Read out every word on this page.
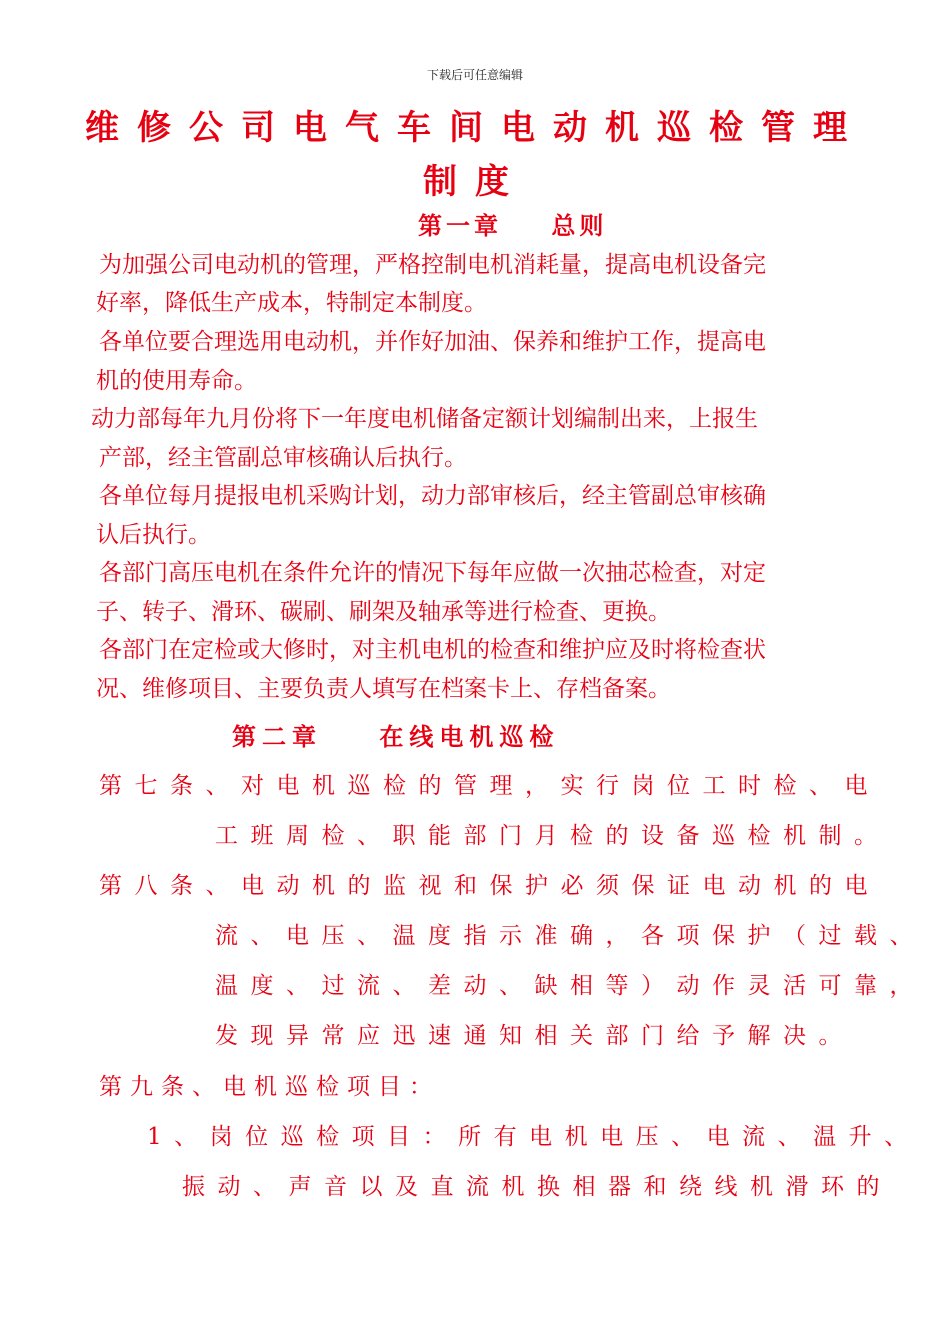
下载后可任意编辑
维修公司电气车间电动机巡检管理
制度
第一章    总则
为加强公司电动机的管理，严格控制电机消耗量，提高电机设备完
好率，降低生产成本，特制定本制度。
各单位要合理选用电动机，并作好加油、保养和维护工作，提高电
机的使用寿命。
动力部每年九月份将下一年度电机储备定额计划编制出来，上报生
产部，经主管副总审核确认后执行。
各单位每月提报电机采购计划，动力部审核后，经主管副总审核确
认后执行。
各部门高压电机在条件允许的情况下每年应做一次抽芯检查，对定
子、转子、滑环、碳刷、刷架及轴承等进行检查、更换。
各部门在定检或大修时，对主机电机的检查和维护应及时将检查状
况、维修项目、主要负责人填写在档案卡上、存档备案。
第二章    在线电机巡检
第七条、对电机巡检的管理，实行岗位工时检、电
工班周检、职能部门月检的设备巡检机制。
第八条、电动机的监视和保护必须保证电动机的电
流、电压、温度指示准确，各项保护（过载、
温度、过流、差动、缺相等）动作灵活可靠，
发现异常应迅速通知相关部门给予解决。
第九条、电机巡检项目：
1、岗位巡检项目：所有电机电压、电流、温升、
振动、声音以及直流机换相器和绕线机滑环的
